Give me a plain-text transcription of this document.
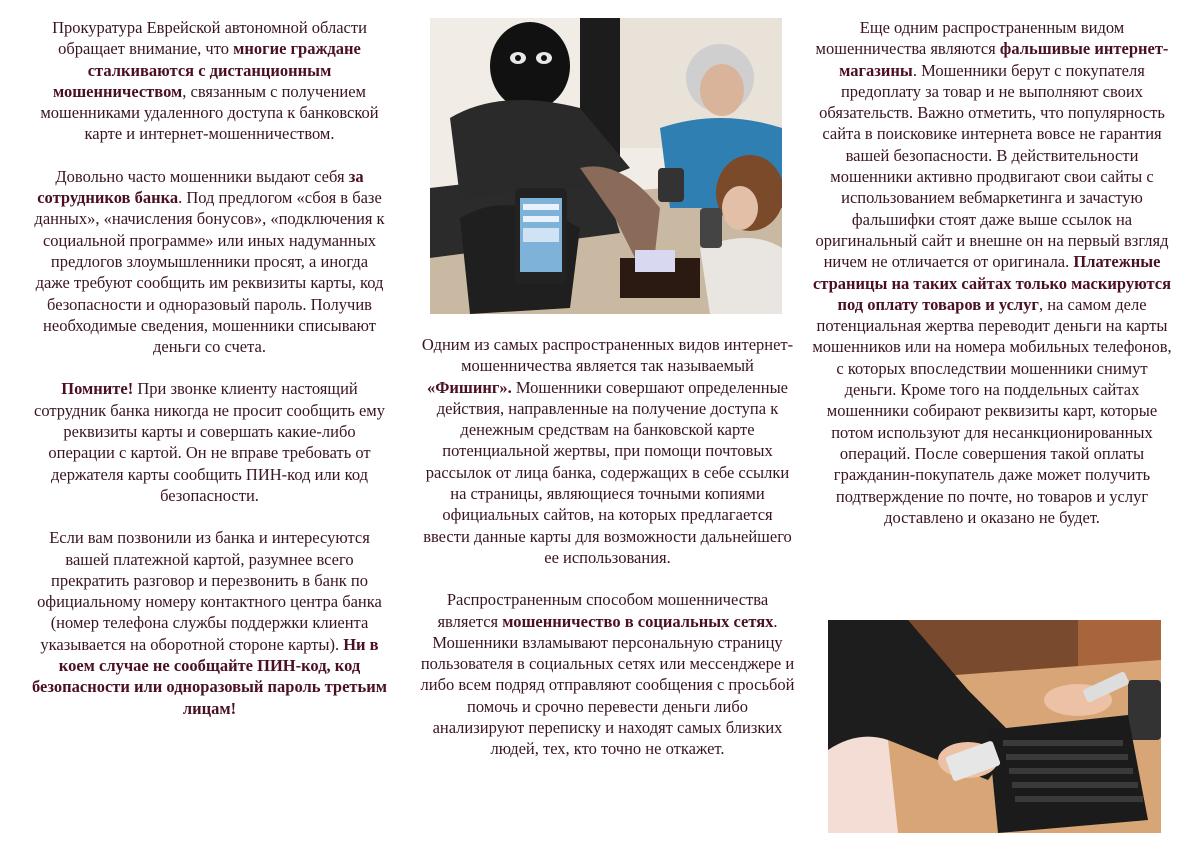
Прокуратура Еврейской автономной области обращает внимание, что многие граждане сталкиваются с дистанционным мошенничеством, связанным с получением мошенниками удаленного доступа к банковской карте и интернет-мошенничеством.

Довольно часто мошенники выдают себя за сотрудников банка. Под предлогом «сбоя в базе данных», «начисления бонусов», «подключения к социальной программе» или иных надуманных предлогов злоумышленники просят, а иногда даже требуют сообщить им реквизиты карты, код безопасности и одноразовый пароль. Получив необходимые сведения, мошенники списывают деньги со счета.

Помните! При звонке клиенту настоящий сотрудник банка никогда не просит сообщить ему реквизиты карты и совершать какие-либо операции с картой. Он не вправе требовать от держателя карты сообщить ПИН-код или код безопасности.

Если вам позвонили из банка и интересуются вашей платежной картой, разумнее всего прекратить разговор и перезвонить в банк по официальному номеру контактного центра банка (номер телефона службы поддержки клиента указывается на оборотной стороне карты). Ни в коем случае не сообщайте ПИН-код, код безопасности или одноразовый пароль третьим лицам!

Одним из самых распространенных видов интернет-мошенничества является так называемый «Фишинг». Мошенники совершают определенные действия, направленные на получение доступа к денежным средствам на банковской карте потенциальной жертвы, при помощи почтовых рассылок от лица банка, содержащих в себе ссылки на страницы, являющиеся точными копиями официальных сайтов, на которых предлагается ввести данные карты для возможности дальнейшего ее использования.

Распространенным способом мошенничества является мошенничество в социальных сетях. Мошенники взламывают персональную страницу пользователя в социальных сетях или мессенджере и либо всем подряд отправляют сообщения с просьбой помочь и срочно перевести деньги либо анализируют переписку и находят самых близких людей, тех, кто точно не откажет.

Еще одним распространенным видом мошенничества являются фальшивые интернет-магазины. Мошенники берут с покупателя предоплату за товар и не выполняют своих обязательств. Важно отметить, что популярность сайта в поисковике интернета вовсе не гарантия вашей безопасности. В действительности мошенники активно продвигают свои сайты с использованием вебмаркетинга и зачастую фальшифки стоят даже выше ссылок на оригинальный сайт и внешне он на первый взгляд ничем не отличается от оригинала. Платежные страницы на таких сайтах только маскируются под оплату товаров и услуг, на самом деле потенциальная жертва переводит деньги на карты мошенников или на номера мобильных телефонов, с которых впоследствии мошенники снимут деньги. Кроме того на поддельных сайтах мошенники собирают реквизиты карт, которые потом используют для несанкционированных операций. После совершения такой оплаты гражданин-покупатель даже может получить подтверждение по почте, но товаров и услуг доставлено и оказано не будет.
